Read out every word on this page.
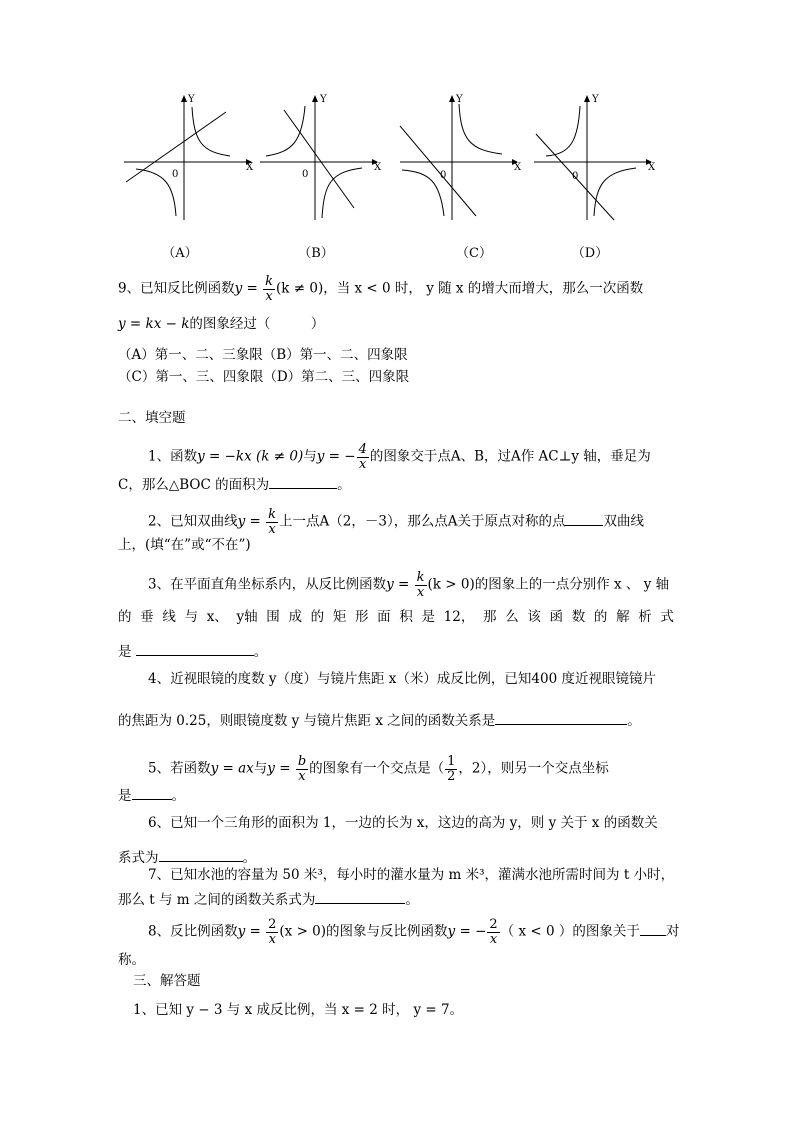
Y
X
0
Y
X
0
Y
X
0
Y
X
0
（A）	（B）	（C）	（D）
9、已知反比例函数$y = \frac{k}{x} (k \ne 0)$，当 x < 0 时， y 随 x 的增大而增大，那么一次函数
y = kx − k的图象经过（　　　）
（A）第一、二、三象限（B）第一、二、四象限
（C）第一、三、四象限（D）第二、三、四象限
二、填空题
1、函数y = −kx (k ≠ 0)与y = − $\frac{4}{x}$ 的图象交于点A、B，过A作 AC⊥y 轴，垂足为
C，那么△BOC 的面积为	。
2、已知双曲线$y = \frac{k}{x}$ 上一点A（2，－3），那么点A关于原点对称的点	双曲线
上，(填“在”或“不在”)
3、在平面直角坐标系内，从反比例函数$y = \frac{k}{x} (k > 0)$的图象上的一点分别作 x 、 y 轴
的 垂 线 与 x、 y轴 围 成 的 矩 形 面 积 是 12， 那 么 该 函 数 的 解 析 式
是	。
4、近视眼镜的度数 y（度）与镜片焦距 x（米）成反比例，已知400 度近视眼镜镜片
的焦距为 0.25，则眼镜度数 y 与镜片焦距 x 之间的函数关系是	。
5、若函数y = ax与$y = \frac{b}{x}$ 的图象有一个交点是（ $\frac{1}{2}$ ，2），则另一个交点坐标
是	。
6、已知一个三角形的面积为 1，一边的长为 x，这边的高为 y，则 y 关于 x 的函数关
系式为	。
7、已知水池的容量为 50 米³，每小时的灌水量为 m 米³，灌满水池所需时间为 t 小时，
那么 t 与 m 之间的函数关系式为	。
8、反比例函数$y = \frac{2}{x} (x > 0)$的图象与反比例函数y = − $\frac{2}{x}$ （ x < 0 ）的图象关于 对
称。
三、解答题
1、已知 y − 3 与 x 成反比例，当 x = 2 时， y = 7。
